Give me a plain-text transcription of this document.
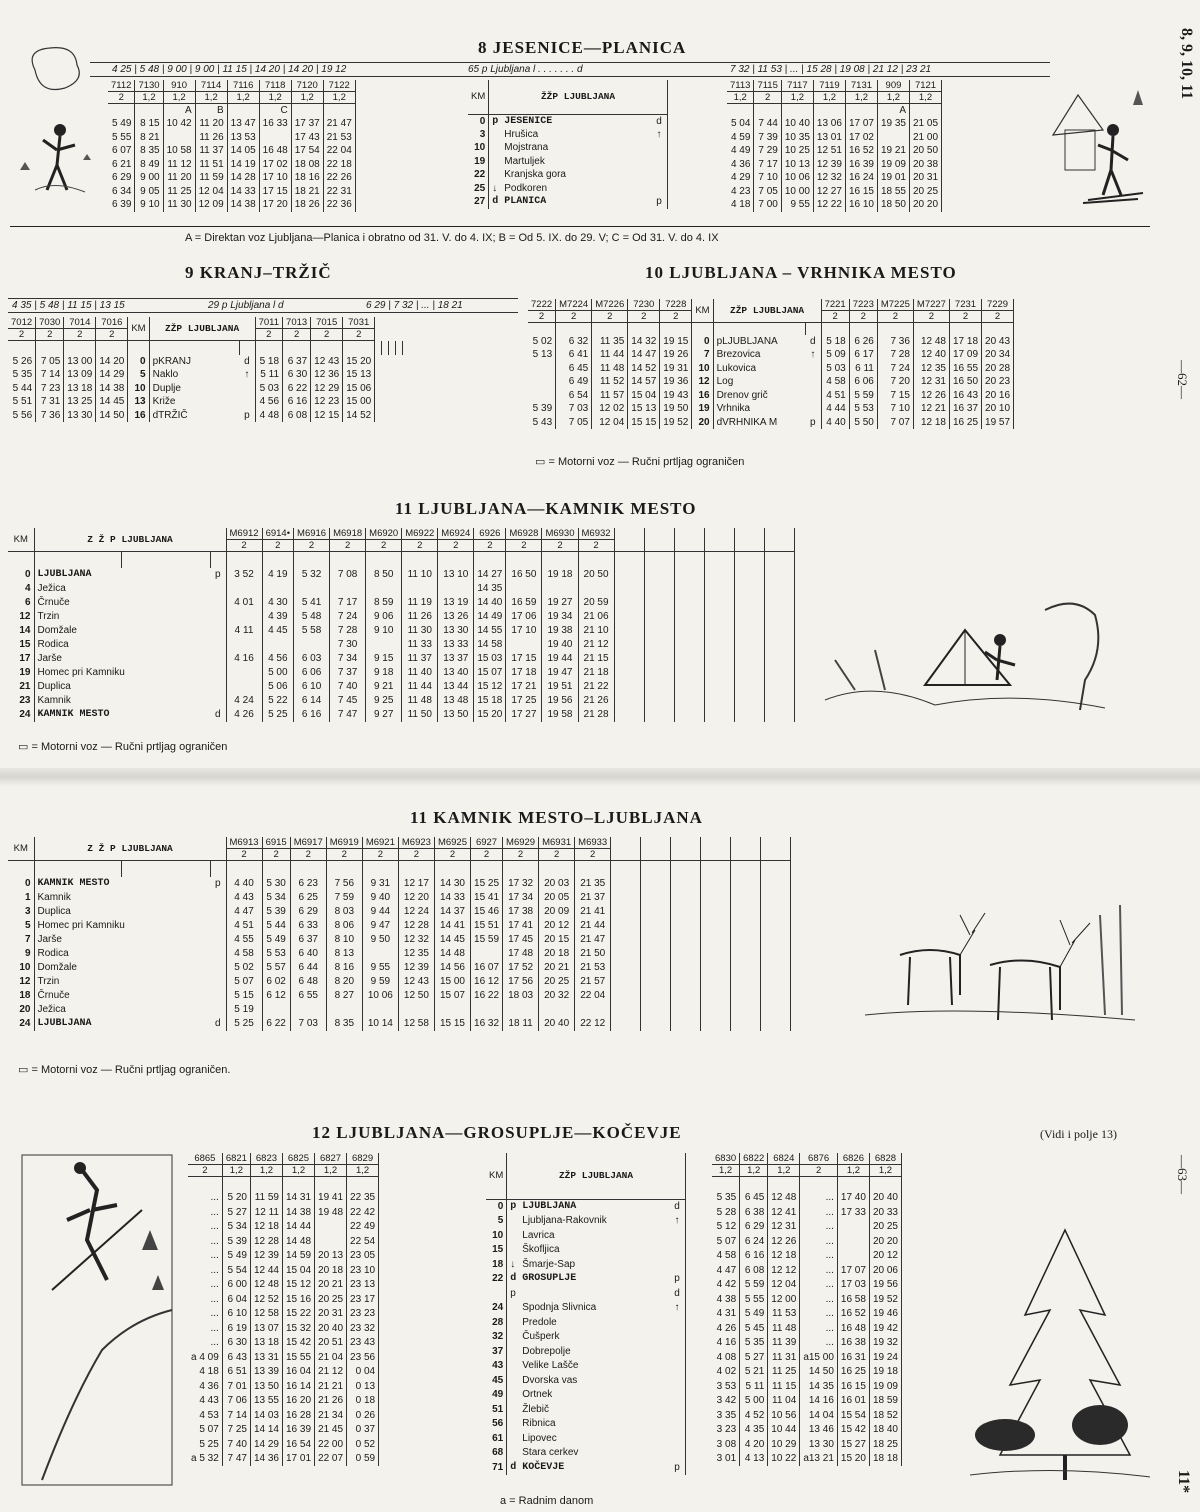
8 JESENICE—PLANICA
4 25 | 5 48 | 9 00 | 9 00 | 11 15 | 14 20 | 14 20 | 19 12	65 p Ljubljana l . . . . . . . d	7 32 | 11 53 | ... | 15 28 | 19 08 | 21 12 | 23 21
7112	7130	910	7114	7116	7118	7120	7122
2	1,2	1,2	1,2	1,2	1,2	1,2	1,2
		A	B		C		
5 49	8 15	10 42	11 20	13 47	16 33	17 37	21 47
5 55	8 21		11 26	13 53		17 43	21 53
6 07	8 35	10 58	11 37	14 05	16 48	17 54	22 04
6 21	8 49	11 12	11 51	14 19	17 02	18 08	22 18
6 29	9 00	11 20	11 59	14 28	17 10	18 16	22 26
6 34	9 05	11 25	12 04	14 33	17 15	18 21	22 31
6 39	9 10	11 30	12 09	14 38	17 20	18 26	22 36
KM	ŽŽP LJUBLJANA		
0	p	JESENICE	d
3		Hrušica	↑
10		Mojstrana	
19		Martuljek	
22		Kranjska gora	
25	↓	Podkoren	
27	d	PLANICA	p
7113	7115	7117	7119	7131	909	7121
1,2	2	1,2	1,2	1,2	1,2	1,2
					A	
5 04	7 44	10 40	13 06	17 07	19 35	21 05
4 59	7 39	10 35	13 01	17 02		21 00
4 49	7 29	10 25	12 51	16 52	19 21	20 50
4 36	7 17	10 13	12 39	16 39	19 09	20 38
4 29	7 10	10 06	12 32	16 24	19 01	20 31
4 23	7 05	10 00	12 27	16 15	18 55	20 25
4 18	7 00	9 55	12 22	16 10	18 50	20 20
A = Direktan voz Ljubljana—Planica i obratno od 31. V. do 4. IX; B = Od 5. IX. do 29. V; C = Od 31. V. do 4. IX
9 KRANJ–TRŽIČ
4 35 | 5 48 | 11 15 | 13 15	29 p Ljubljana l d	6 29 | 7 32 | ... | 18 21
7012	7030	7014	7016	KM	ZŽP LJUBLJANA		7011	7013	7015	7031				
2	2	2	2				2	2	2	2				

5 26	7 05	13 00	14 20	0	pKRANJ	d	5 18	6 37	12 43	15 20				
5 35	7 14	13 09	14 29	5	Naklo	↑	5 11	6 30	12 36	15 13				
5 44	7 23	13 18	14 38	10	Duplje		5 03	6 22	12 29	15 06				
5 51	7 31	13 25	14 45	13	Križe		4 56	6 16	12 23	15 00				
5 56	7 36	13 30	14 50	16	dTRŽIČ	p	4 48	6 08	12 15	14 52				
10 LJUBLJANA – VRHNIKA MESTO
7222	M7224	M7226	7230	7228	KM	ZŽP LJUBLJANA		7221	7223	M7225	M7227	7231	7229
2	2	2	2	2				2	2	2	2	2	2

5 02	6 32	11 35	14 32	19 15	0	pLJUBLJANA	d	5 18	6 26	7 36	12 48	17 18	20 43
5 13	6 41	11 44	14 47	19 26	7	Brezovica	↑	5 09	6 17	7 28	12 40	17 09	20 34
	6 45	11 48	14 52	19 31	10	Lukovica		5 03	6 11	7 24	12 35	16 55	20 28
	6 49	11 52	14 57	19 36	12	Log		4 58	6 06	7 20	12 31	16 50	20 23
	6 54	11 57	15 04	19 43	16	Drenov grič		4 51	5 59	7 15	12 26	16 43	20 16
5 39	7 03	12 02	15 13	19 50	19	Vrhnika		4 44	5 53	7 10	12 21	16 37	20 10
5 43	7 05	12 04	15 15	19 52	20	dVRHNIKA M	p	4 40	5 50	7 07	12 18	16 25	19 57
▭ = Motorni voz — Ručni prtljag ograničen
11 LJUBLJANA—KAMNIK MESTO
KM	Z Ž P LJUBLJANA			M6912	6914•	M6916	M6918	M6920	M6922	M6924	6926	M6928	M6930	M6932						
				2	2	2	2	2	2	2	2	2	2	2						

0	LJUBLJANA		p	3 52	4 19	5 32	7 08	8 50	11 10	13 10	14 27	16 50	19 18	20 50						
4	Ježica										14 35									
6	Črnuče			4 01	4 30	5 41	7 17	8 59	11 19	13 19	14 40	16 59	19 27	20 59						
12	Trzin				4 39	5 48	7 24	9 06	11 26	13 26	14 49	17 06	19 34	21 06						
14	Domžale			4 11	4 45	5 58	7 28	9 10	11 30	13 30	14 55	17 10	19 38	21 10						
15	Rodica						7 30		11 33	13 33	14 58		19 40	21 12						
17	Jarše			4 16	4 56	6 03	7 34	9 15	11 37	13 37	15 03	17 15	19 44	21 15						
19	Homec pri Kamniku				5 00	6 06	7 37	9 18	11 40	13 40	15 07	17 18	19 47	21 18						
21	Duplica				5 06	6 10	7 40	9 21	11 44	13 44	15 12	17 21	19 51	21 22						
23	Kamnik			4 24	5 22	6 14	7 45	9 25	11 48	13 48	15 18	17 25	19 56	21 26						
24	KAMNIK MESTO		d	4 26	5 25	6 16	7 47	9 27	11 50	13 50	15 20	17 27	19 58	21 28						
▭ = Motorni voz — Ručni prtljag ograničen
11 KAMNIK MESTO–LJUBLJANA
KM	Z Ž P LJUBLJANA			M6913	6915	M6917	M6919	M6921	M6923	M6925	6927	M6929	M6931	M6933						
				2	2	2	2	2	2	2	2	2	2	2						

0	KAMNIK MESTO		p	4 40	5 30	6 23	7 56	9 31	12 17	14 30	15 25	17 32	20 03	21 35						
1	Kamnik			4 43	5 34	6 25	7 59	9 40	12 20	14 33	15 41	17 34	20 05	21 37						
3	Duplica			4 47	5 39	6 29	8 03	9 44	12 24	14 37	15 46	17 38	20 09	21 41						
5	Homec pri Kamniku			4 51	5 44	6 33	8 06	9 47	12 28	14 41	15 51	17 41	20 12	21 44						
7	Jarše			4 55	5 49	6 37	8 10	9 50	12 32	14 45	15 59	17 45	20 15	21 47						
9	Rodica			4 58	5 53	6 40	8 13		12 35	14 48		17 48	20 18	21 50						
10	Domžale			5 02	5 57	6 44	8 16	9 55	12 39	14 56	16 07	17 52	20 21	21 53						
12	Trzin			5 07	6 02	6 48	8 20	9 59	12 43	15 00	16 12	17 56	20 25	21 57						
18	Črnuče			5 15	6 12	6 55	8 27	10 06	12 50	15 07	16 22	18 03	20 32	22 04						
20	Ježica			5 19																
24	LJUBLJANA		d	5 25	6 22	7 03	8 35	10 14	12 58	15 15	16 32	18 11	20 40	22 12						
▭ = Motorni voz — Ručni prtljag ograničen.
12 LJUBLJANA—GROSUPLJE—KOČEVJE	(Vidi i polje 13)
6865	6821	6823	6825	6827	6829
2	1,2	1,2	1,2	1,2	1,2

...	5 20	11 59	14 31	19 41	22 35
...	5 27	12 11	14 38	19 48	22 42
...	5 34	12 18	14 44		22 49
...	5 39	12 28	14 48		22 54
...	5 49	12 39	14 59	20 13	23 05
...	5 54	12 44	15 04	20 18	23 10
...	6 00	12 48	15 12	20 21	23 13
...	6 04	12 52	15 16	20 25	23 17
...	6 10	12 58	15 22	20 31	23 23
...	6 19	13 07	15 32	20 40	23 32
...	6 30	13 18	15 42	20 51	23 43
a 4 09	6 43	13 31	15 55	21 04	23 56
4 18	6 51	13 39	16 04	21 12	0 04
4 36	7 01	13 50	16 14	21 21	0 13
4 43	7 06	13 55	16 20	21 26	0 18
4 53	7 14	14 03	16 28	21 34	0 26
5 07	7 25	14 14	16 39	21 45	0 37
5 25	7 40	14 29	16 54	22 00	0 52
a 5 32	7 47	14 36	17 01	22 07	0 59
KM	ZŽP LJUBLJANA		
0	p	LJUBLJANA	d
5		Ljubljana-Rakovnik	↑
10		Lavrica	
15		Škofljica	
18	↓	Šmarje-Sap	
22	d	GROSUPLJE	p
	p		d
24		Spodnja Slivnica	↑
28		Predole	
32		Čušperk	
37		Dobrepolje	
43		Velike Lašče	
45		Dvorska vas	
49		Ortnek	
51		Žlebič	
56		Ribnica	
61		Lipovec	
68		Stara cerkev	
71	d	KOČEVJE	p
6830	6822	6824	6876	6826	6828
1,2	1,2	1,2	2	1,2	1,2

5 35	6 45	12 48	...	17 40	20 40
5 28	6 38	12 41	...	17 33	20 33
5 12	6 29	12 31	...		20 25
5 07	6 24	12 26	...		20 20
4 58	6 16	12 18	...		20 12
4 47	6 08	12 12	...	17 07	20 06
4 42	5 59	12 04	...	17 03	19 56
4 38	5 55	12 00	...	16 58	19 52
4 31	5 49	11 53	...	16 52	19 46
4 26	5 45	11 48	...	16 48	19 42
4 16	5 35	11 39	...	16 38	19 32
4 08	5 27	11 31	a15 00	16 31	19 24
4 02	5 21	11 25	14 50	16 25	19 18
3 53	5 11	11 15	14 35	16 15	19 09
3 42	5 00	11 04	14 16	16 01	18 59
3 35	4 52	10 56	14 04	15 54	18 52
3 23	4 35	10 44	13 46	15 42	18 40
3 08	4 20	10 29	13 30	15 27	18 25
3 01	4 13	10 22	a13 21	15 20	18 18
a = Radnim danom
8, 9, 10, 11
—62—
—63—
11*
